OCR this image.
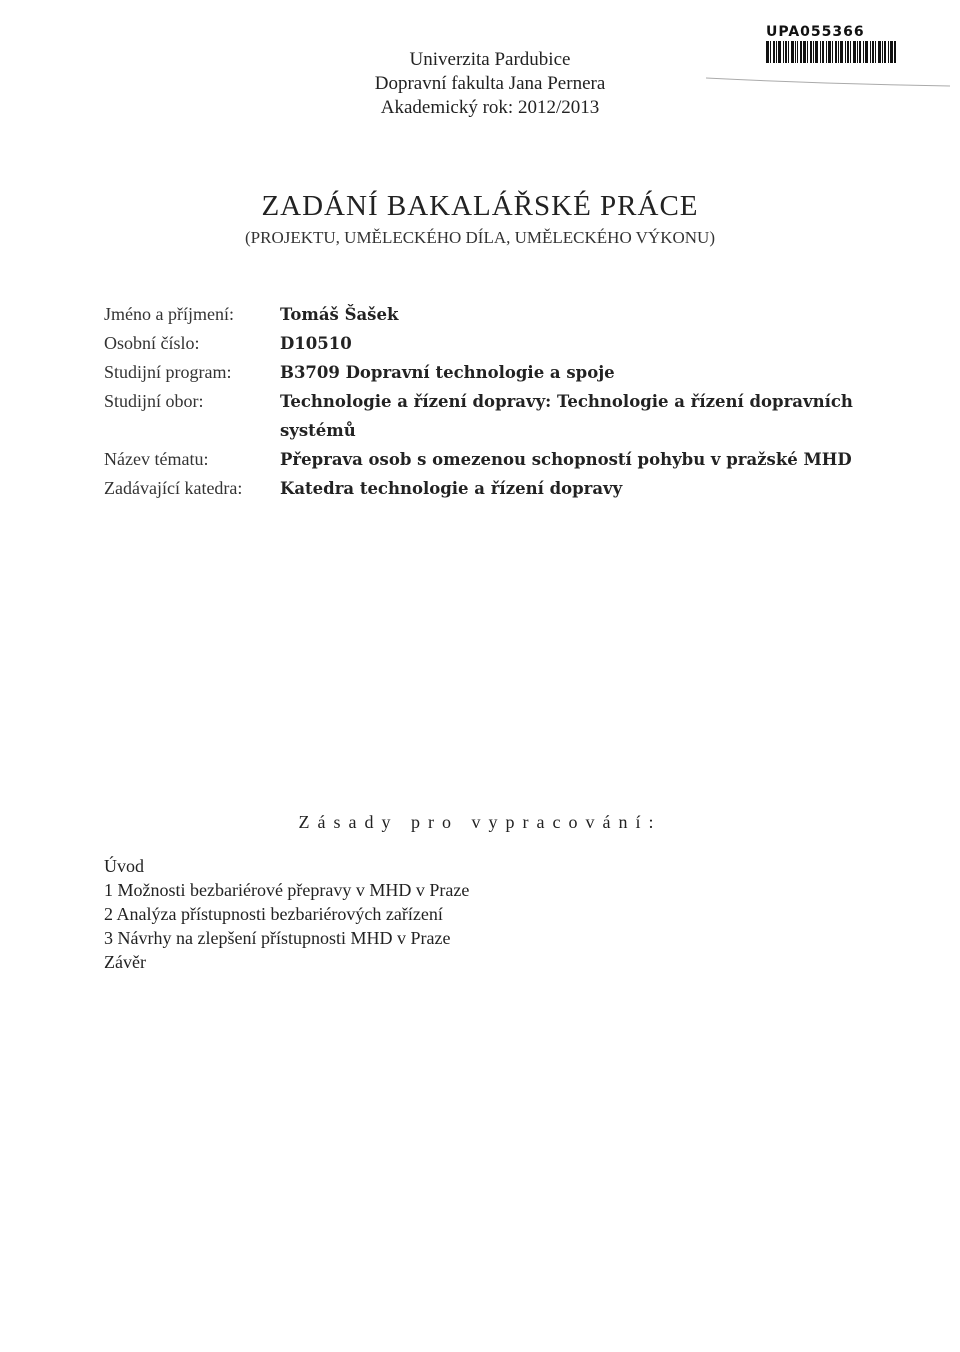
Univerzita Pardubice
Dopravní fakulta Jana Pernera
Akademický rok: 2012/2013
UPA055366
ZADÁNÍ BAKALÁŘSKÉ PRÁCE
(PROJEKTU, UMĚLECKÉHO DÍLA, UMĚLECKÉHO VÝKONU)
Jméno a příjmení:	Tomáš Šašek
Osobní číslo:	D10510
Studijní program:	B3709 Dopravní technologie a spoje
Studijní obor:	Technologie a řízení dopravy: Technologie a řízení dopravních systémů
Název tématu:	Přeprava osob s omezenou schopností pohybu v pražské MHD
Zadávající katedra:	Katedra technologie a řízení dopravy
Zásady pro vypracování:
Úvod
1 Možnosti bezbariérové přepravy v MHD v Praze
2 Analýza přístupnosti bezbariérových zařízení
3 Návrhy na zlepšení přístupnosti MHD v Praze
Závěr
